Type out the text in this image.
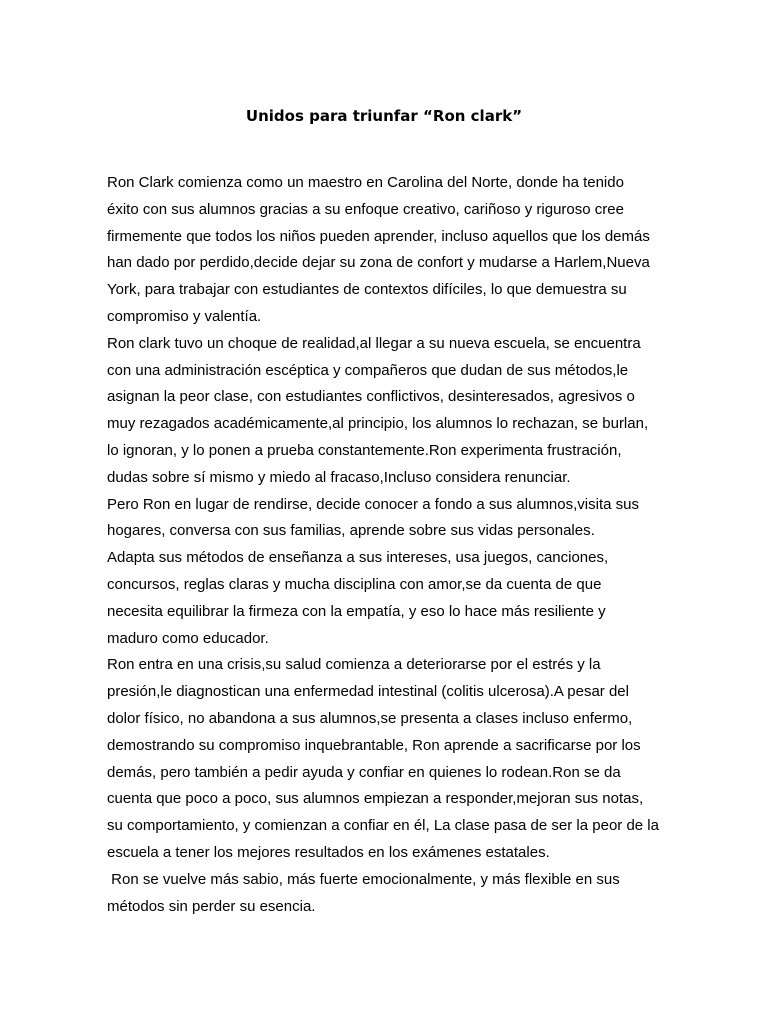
Unidos para triunfar “Ron clark”
Ron Clark comienza como un maestro en Carolina del Norte, donde ha tenido
éxito con sus alumnos gracias a su enfoque creativo, cariñoso y riguroso cree
firmemente que todos los niños pueden aprender, incluso aquellos que los demás
han dado por perdido,decide dejar su zona de confort y mudarse a Harlem,Nueva
York, para trabajar con estudiantes de contextos difíciles, lo que demuestra su
compromiso y valentía.
Ron clark tuvo un choque de realidad,al llegar a su nueva escuela, se encuentra
con una administración escéptica y compañeros que dudan de sus métodos,le
asignan la peor clase, con estudiantes conflictivos, desinteresados, agresivos o
muy rezagados académicamente,al principio, los alumnos lo rechazan, se burlan,
lo ignoran, y lo ponen a prueba constantemente.Ron experimenta frustración,
dudas sobre sí mismo y miedo al fracaso,Incluso considera renunciar.
Pero Ron en lugar de rendirse, decide conocer a fondo a sus alumnos,visita sus
hogares, conversa con sus familias, aprende sobre sus vidas personales.
Adapta sus métodos de enseñanza a sus intereses, usa juegos, canciones,
concursos, reglas claras y mucha disciplina con amor,se da cuenta de que
necesita equilibrar la firmeza con la empatía, y eso lo hace más resiliente y
maduro como educador.
Ron entra en una crisis,su salud comienza a deteriorarse por el estrés y la
presión,le diagnostican una enfermedad intestinal (colitis ulcerosa).A pesar del
dolor físico, no abandona a sus alumnos,se presenta a clases incluso enfermo,
demostrando su compromiso inquebrantable, Ron aprende a sacrificarse por los
demás, pero también a pedir ayuda y confiar en quienes lo rodean.Ron se da
cuenta que poco a poco, sus alumnos empiezan a responder,mejoran sus notas,
su comportamiento, y comienzan a confiar en él, La clase pasa de ser la peor de la
escuela a tener los mejores resultados en los exámenes estatales.
Ron se vuelve más sabio, más fuerte emocionalmente, y más flexible en sus
métodos sin perder su esencia.
